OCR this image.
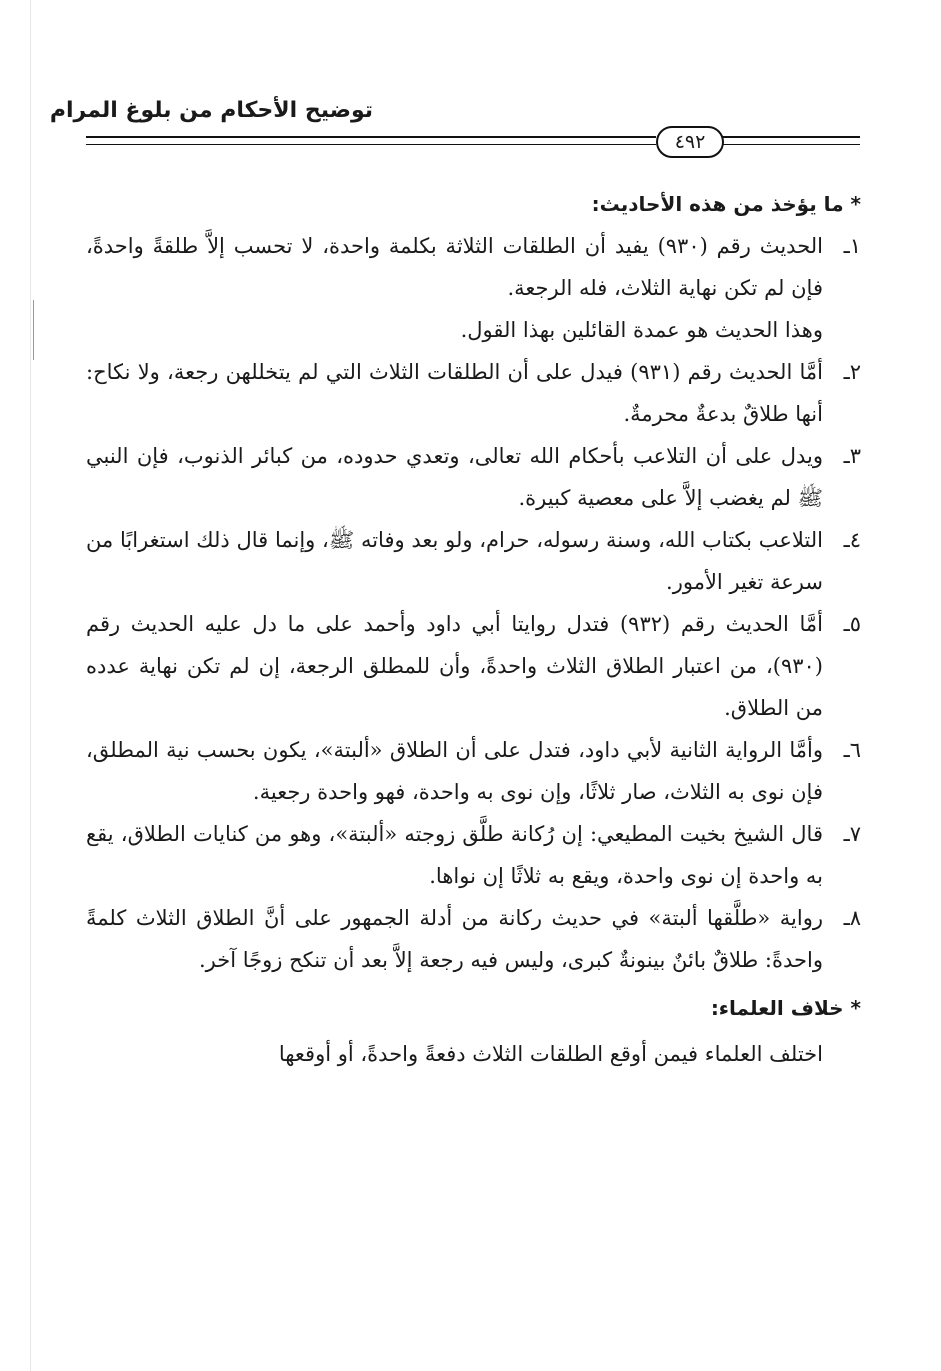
توضيح الأحكام من بلوغ المرام
٤٩٢

* ما يؤخذ من هذه الأحاديث:

١ـالحديث رقم (٩٣٠) يفيد أن الطلقات الثلاثة بكلمة واحدة، لا تحسب إلاَّ طلقةً واحدةً، فإن لم تكن نهاية الثلاث، فله الرجعة.

وهذا الحديث هو عمدة القائلين بهذا القول.

٢ـأمَّا الحديث رقم (٩٣١) فيدل على أن الطلقات الثلاث التي لم يتخللهن رجعة، ولا نكاح: أنها طلاقٌ بدعةٌ محرمةٌ.

٣ـويدل على أن التلاعب بأحكام الله تعالى، وتعدي حدوده، من كبائر الذنوب، فإن النبي ﷺ لم يغضب إلاَّ على معصية كبيرة.

٤ـالتلاعب بكتاب الله، وسنة رسوله، حرام، ولو بعد وفاته ﷺ، وإنما قال ذلك استغرابًا من سرعة تغير الأمور.

٥ـأمَّا الحديث رقم (٩٣٢) فتدل روايتا أبي داود وأحمد على ما دل عليه الحديث رقم (٩٣٠)، من اعتبار الطلاق الثلاث واحدةً، وأن للمطلق الرجعة، إن لم تكن نهاية عدده من الطلاق.

٦ـوأمَّا الرواية الثانية لأبي داود، فتدل على أن الطلاق «ألبتة»، يكون بحسب نية المطلق، فإن نوى به الثلاث، صار ثلاثًا، وإن نوى به واحدة، فهو واحدة رجعية.

٧ـقال الشيخ بخيت المطيعي: إن رُكانة طلَّق زوجته «ألبتة»، وهو من كنايات الطلاق، يقع به واحدة إن نوى واحدة، ويقع به ثلاثًا إن نواها.

٨ـرواية «طلَّقها ألبتة» في حديث ركانة من أدلة الجمهور على أنَّ الطلاق الثلاث كلمةً واحدةً: طلاقٌ بائنٌ بينونةٌ كبرى، وليس فيه رجعة إلاَّ بعد أن تنكح زوجًا آخر.

* خلاف العلماء:

اختلف العلماء فيمن أوقع الطلقات الثلاث دفعةً واحدةً، أو أوقعها
